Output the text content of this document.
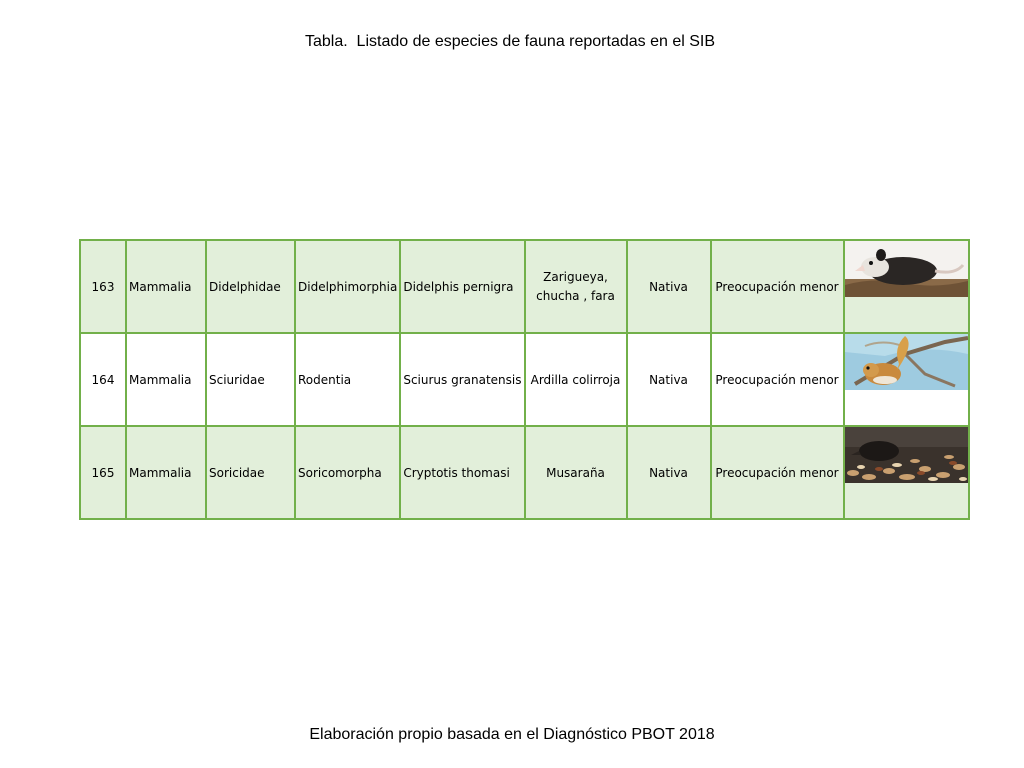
Tabla.  Listado de especies de fauna reportadas en el SIB
163	Mammalia	Didelphidae	Didelphimorphia	Didelphis pernigra	Zarigueya, chucha , fara	Nativa	Preocupación menor	

164	Mammalia	Sciuridae	Rodentia	Sciurus granatensis	Ardilla colirroja	Nativa	Preocupación menor	

165	Mammalia	Soricidae	Soricomorpha	Cryptotis thomasi	Musaraña	Nativa	Preocupación menor	
Elaboración propio basada en el Diagnóstico PBOT 2018
